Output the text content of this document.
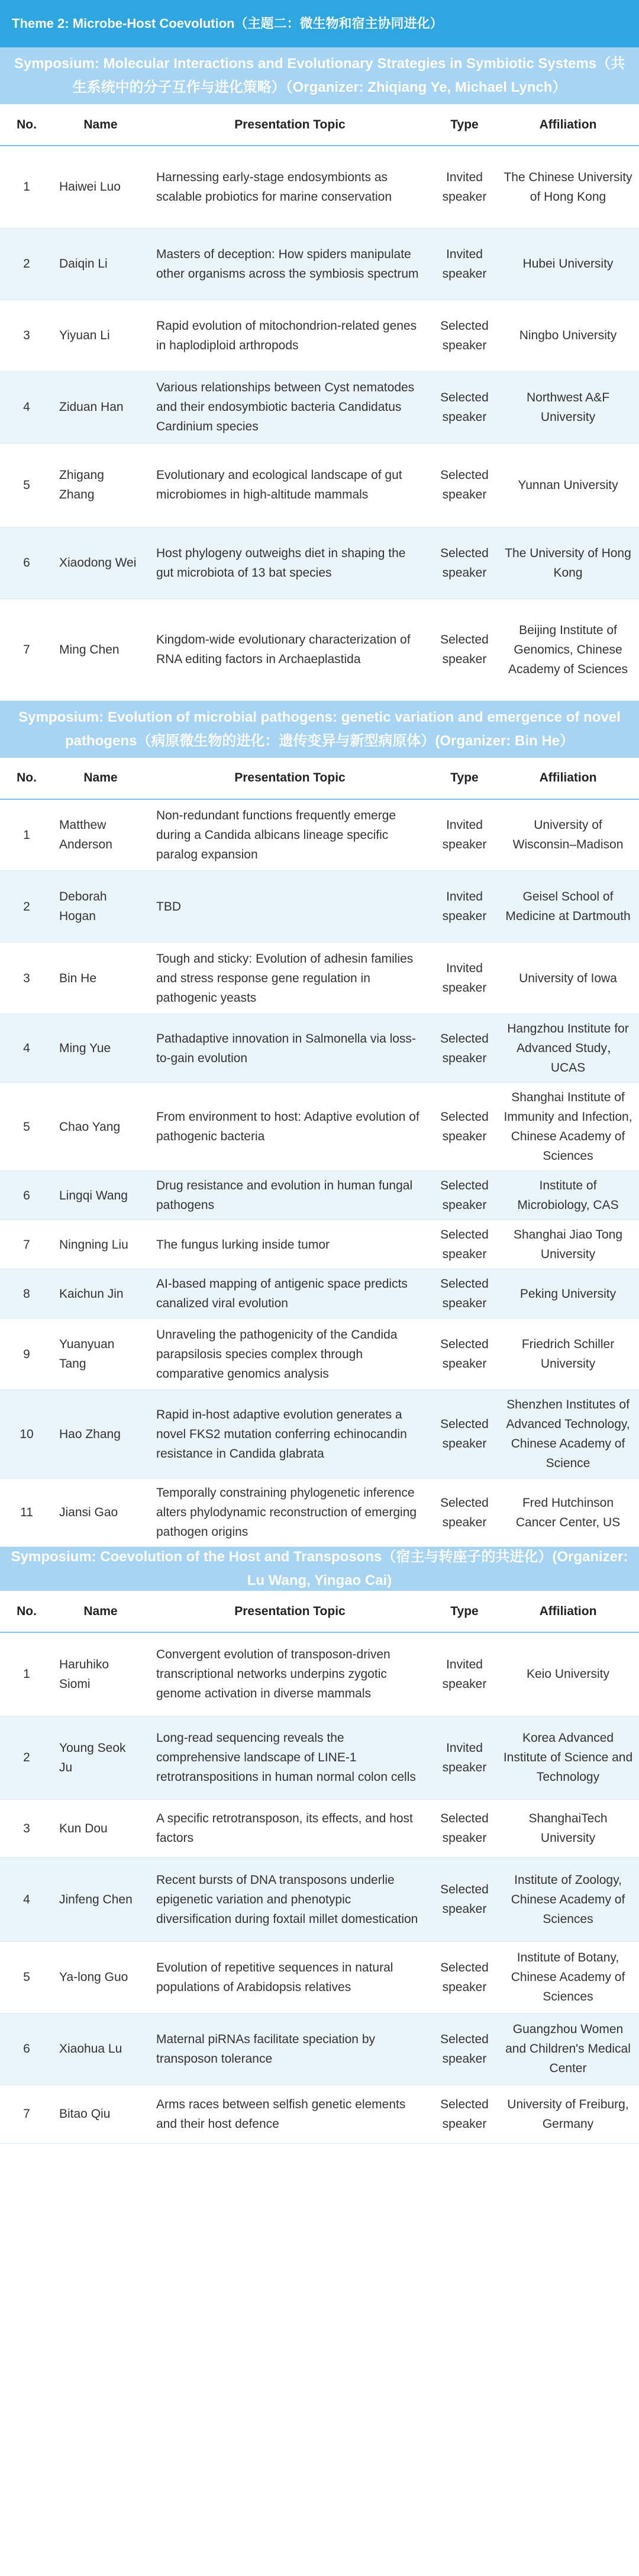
Theme 2: Microbe-Host Coevolution（主题二：微生物和宿主协同进化）
Symposium: Molecular Interactions and Evolutionary Strategies in Symbiotic Systems（共生系统中的分子互作与进化策略）（Organizer: Zhiqiang Ye, Michael Lynch）
No.	Name	Presentation Topic	Type	Affiliation
1	Haiwei Luo	Harnessing early-stage endosymbionts as scalable probiotics for marine conservation	Invited speaker	The Chinese University of Hong Kong
2	Daiqin Li	Masters of deception: How spiders manipulate other organisms across the symbiosis spectrum	Invited speaker	Hubei University
3	Yiyuan Li	Rapid evolution of mitochondrion-related genes in haplodiploid arthropods	Selected speaker	Ningbo University
4	Ziduan Han	Various relationships between Cyst nematodes and their endosymbiotic bacteria Candidatus Cardinium species	Selected speaker	Northwest A&F University
5	Zhigang Zhang	Evolutionary and ecological landscape of gut microbiomes in high-altitude mammals	Selected speaker	Yunnan University
6	Xiaodong Wei	Host phylogeny outweighs diet in shaping the gut microbiota of 13 bat species	Selected speaker	The University of Hong Kong
7	Ming Chen	Kingdom-wide evolutionary characterization of RNA editing factors in Archaeplastida	Selected speaker	Beijing Institute of Genomics, Chinese Academy of Sciences
Symposium: Evolution of microbial pathogens: genetic variation and emergence of novel pathogens（病原微生物的进化：遗传变异与新型病原体）(Organizer: Bin He）
No.	Name	Presentation Topic	Type	Affiliation
1	Matthew Anderson	Non-redundant functions frequently emerge during a Candida albicans lineage specific paralog expansion	Invited speaker	University of Wisconsin–Madison
2	Deborah Hogan	TBD	Invited speaker	Geisel School of Medicine at Dartmouth
3	Bin He	Tough and sticky: Evolution of adhesin families and stress response gene regulation in pathogenic yeasts	Invited speaker	University of Iowa
4	Ming Yue	Pathadaptive innovation in Salmonella via loss-to-gain evolution	Selected speaker	Hangzhou Institute for Advanced Study，UCAS
5	Chao Yang	From environment to host: Adaptive evolution of pathogenic bacteria	Selected speaker	Shanghai Institute of Immunity and Infection, Chinese Academy of Sciences
6	Lingqi Wang	Drug resistance and evolution in human fungal pathogens	Selected speaker	Institute of Microbiology, CAS
7	Ningning Liu	The fungus lurking inside tumor	Selected speaker	Shanghai Jiao Tong University
8	Kaichun Jin	AI-based mapping of antigenic space predicts canalized viral evolution	Selected speaker	Peking University
9	Yuanyuan Tang	Unraveling the pathogenicity of the Candida parapsilosis species complex through comparative genomics analysis	Selected speaker	Friedrich Schiller University
10	Hao Zhang	Rapid in-host adaptive evolution generates a novel FKS2 mutation conferring echinocandin resistance in Candida glabrata	Selected speaker	Shenzhen Institutes of Advanced Technology, Chinese Academy of Science
11	Jiansi Gao	Temporally constraining phylogenetic inference alters phylodynamic reconstruction of emerging pathogen origins	Selected speaker	Fred Hutchinson Cancer Center, US
Symposium: Coevolution of the Host and Transposons（宿主与转座子的共进化）(Organizer: Lu Wang, Yingao Cai)
No.	Name	Presentation Topic	Type	Affiliation
1	Haruhiko Siomi	Convergent evolution of transposon-driven transcriptional networks underpins zygotic genome activation in diverse mammals	Invited speaker	Keio University
2	Young Seok Ju	Long-read sequencing reveals the comprehensive landscape of LINE-1 retrotranspositions in human normal colon cells	Invited speaker	Korea Advanced Institute of Science and Technology
3	Kun Dou	A specific retrotransposon, its effects, and host factors	Selected speaker	ShanghaiTech University
4	Jinfeng Chen	Recent bursts of DNA transposons underlie epigenetic variation and phenotypic diversification during foxtail millet domestication	Selected speaker	Institute of Zoology, Chinese Academy of Sciences
5	Ya-long Guo	Evolution of repetitive sequences in natural populations of Arabidopsis relatives	Selected speaker	Institute of Botany, Chinese Academy of Sciences
6	Xiaohua Lu	Maternal piRNAs facilitate speciation by transposon tolerance	Selected speaker	Guangzhou Women and Children's Medical Center
7	Bitao Qiu	Arms races between selfish genetic elements and their host defence	Selected speaker	University of Freiburg, Germany
